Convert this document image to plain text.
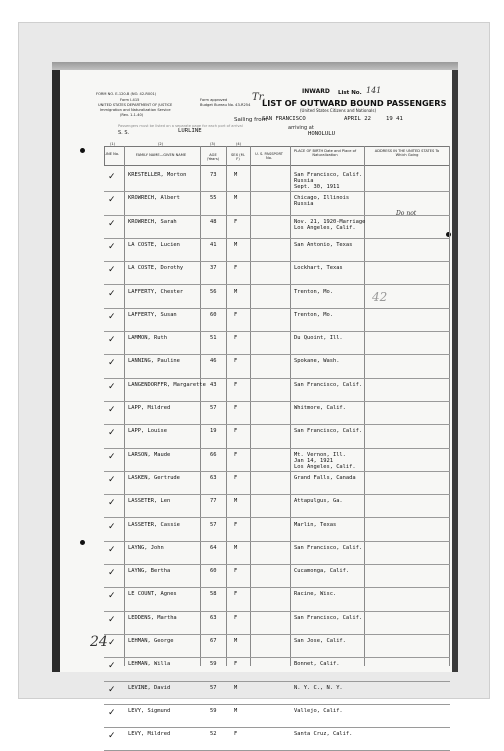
FORM NO. E-120-B (NO. 42-R001)
Form I-415
UNITED STATES DEPARTMENT OF JUSTICE
Immigration and Naturalization Service
(Rev. 1-1-40)
Form approved
Budget Bureau No. 43-R254
INWARD List No. 141
LIST OF OUTWARD BOUND PASSENGERS
(United States Citizens and Nationals)
Tr.
Sailing from
SAN FRANCISCO	APRIL 22	19 41
Passengers must be listed on a separate page for each port of arrival
S. S.	LURLINE	arriving at
HONOLULU
LINE No.	FAMILY NAME—GIVEN NAME	AGE (Years)
SEX (M-F)
U. S. PASSPORT No.
PLACE OF BIRTH Date and Place of Naturalization
ADDRESS IN THE UNITED STATES To Which Going
(1)	(2)	(3)	(4)
✓ KRESTELLER, Morton	73	M	San Francisco, Calif.
Russia
Sept. 30, 1911
✓ KROWRECH, Albert	55	M	Chicago, Illinois
Russia
✓ KROWRECH, Sarah	48	F	Nov. 21, 1920-Marriage
Los Angeles, Calif.
✓ LA COSTE, Lucien	41	M	San Antonio, Texas
✓ LA COSTE, Dorothy	37	F	Lockhart, Texas
✓ LAFFERTY, Chester	56	M	Trenton, Mo.
✓ LAFFERTY, Susan	60	F	Trenton, Mo.
✓ LAMMON, Ruth	51	F	Du Quoint, Ill.
✓ LANNING, Pauline	46	F	Spokane, Wash.
✓ LANGENDORFFR, Margarette 43	F	San Francisco, Calif.
✓ LAPP, Mildred	57	F	Whitmore, Calif.
✓ LAPP, Louise	19	F	San Francisco, Calif.
✓ LARSON, Maude	66	F	Mt. Vernon, Ill.
Jan 14, 1921
Los Angeles, Calif.
✓ LASKEN, Gertrude	63	F	Grand Falls, Canada
✓ LASSETER, Len	77	M	Attapulgus, Ga.
✓ LASSETER, Cassie	57	F	Marlin, Texas
✓ LAYNG, John	64	M	San Francisco, Calif.
✓ LAYNG, Bertha	60	F	Cucamonga, Calif.
✓ LE COUNT, Agnes	58	F	Racine, Wisc.
✓ LEDDENS, Martha	63	F	San Francisco, Calif.
✓ LEHMAN, George	67	M	San Jose, Calif.
✓ LEHMAN, Willa	59	F	Bonnet, Calif.
✓ LEVINE, David	57	M	N. Y. C., N. Y.
✓ LEVY, Sigmund	59	M	Vallejo, Calif.
✓ LEVY, Mildred	52	F	Santa Cruz, Calif.
Do not
42
24
